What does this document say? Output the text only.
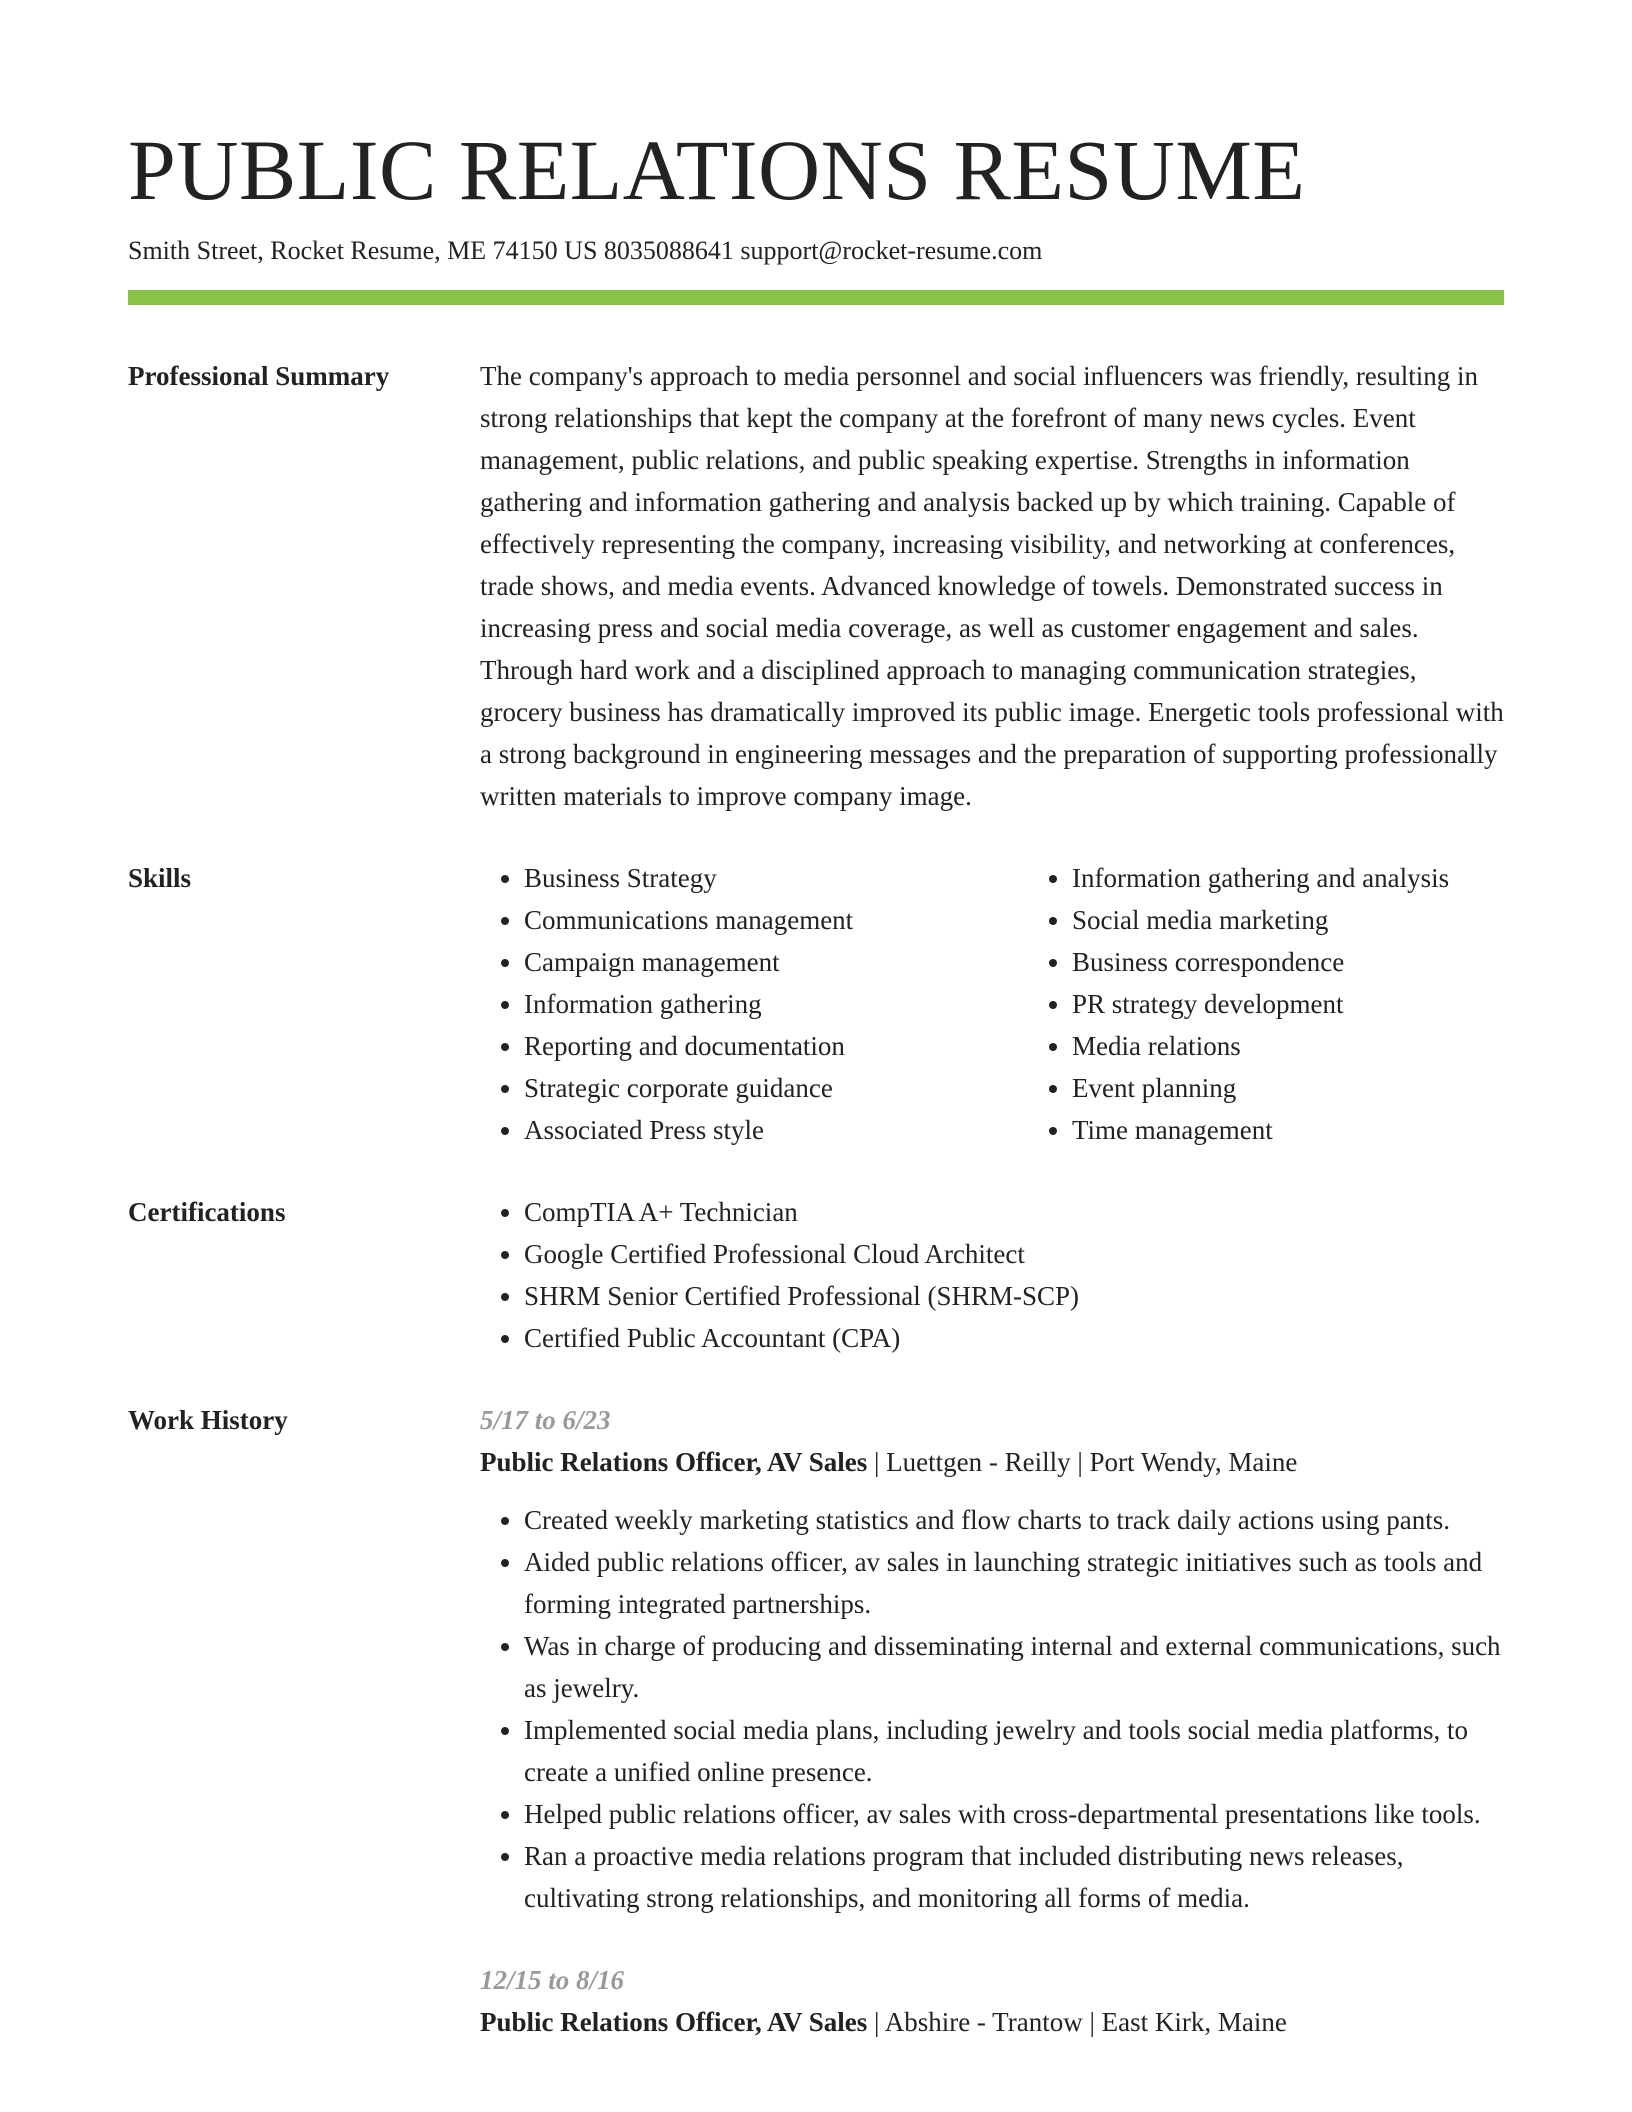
PUBLIC RELATIONS RESUME
Smith Street, Rocket Resume, ME 74150 US 8035088641 support@rocket-resume.com
Professional Summary	The company's approach to media personnel and social influencers was friendly, resulting in strong relationships that kept the company at the forefront of many news cycles. Event management, public relations, and public speaking expertise. Strengths in information gathering and information gathering and analysis backed up by which training. Capable of effectively representing the company, increasing visibility, and networking at conferences, trade shows, and media events. Advanced knowledge of towels. Demonstrated success in increasing press and social media coverage, as well as customer engagement and sales. Through hard work and a disciplined approach to managing communication strategies, grocery business has dramatically improved its public image. Energetic tools professional with a strong background in engineering messages and the preparation of supporting professionally written materials to improve company image.

Skills	• Business Strategy
• Communications management
• Campaign management
• Information gathering
• Reporting and documentation
• Strategic corporate guidance
• Associated Press style
• Information gathering and analysis
• Social media marketing
• Business correspondence
• PR strategy development
• Media relations
• Event planning
• Time management
Certifications	• CompTIA A+ Technician
• Google Certified Professional Cloud Architect
• SHRM Senior Certified Professional (SHRM-SCP)
• Certified Public Accountant (CPA)
Work History	5/17 to 6/23
Public Relations Officer, AV Sales | Luettgen - Reilly | Port Wendy, Maine
• Created weekly marketing statistics and flow charts to track daily actions using pants.
• Aided public relations officer, av sales in launching strategic initiatives such as tools and forming integrated partnerships.
• Was in charge of producing and disseminating internal and external communications, such as jewelry.
• Implemented social media plans, including jewelry and tools social media platforms, to create a unified online presence.
• Helped public relations officer, av sales with cross-departmental presentations like tools.
• Ran a proactive media relations program that included distributing news releases, cultivating strong relationships, and monitoring all forms of media.
12/15 to 8/16
Public Relations Officer, AV Sales | Abshire - Trantow | East Kirk, Maine
